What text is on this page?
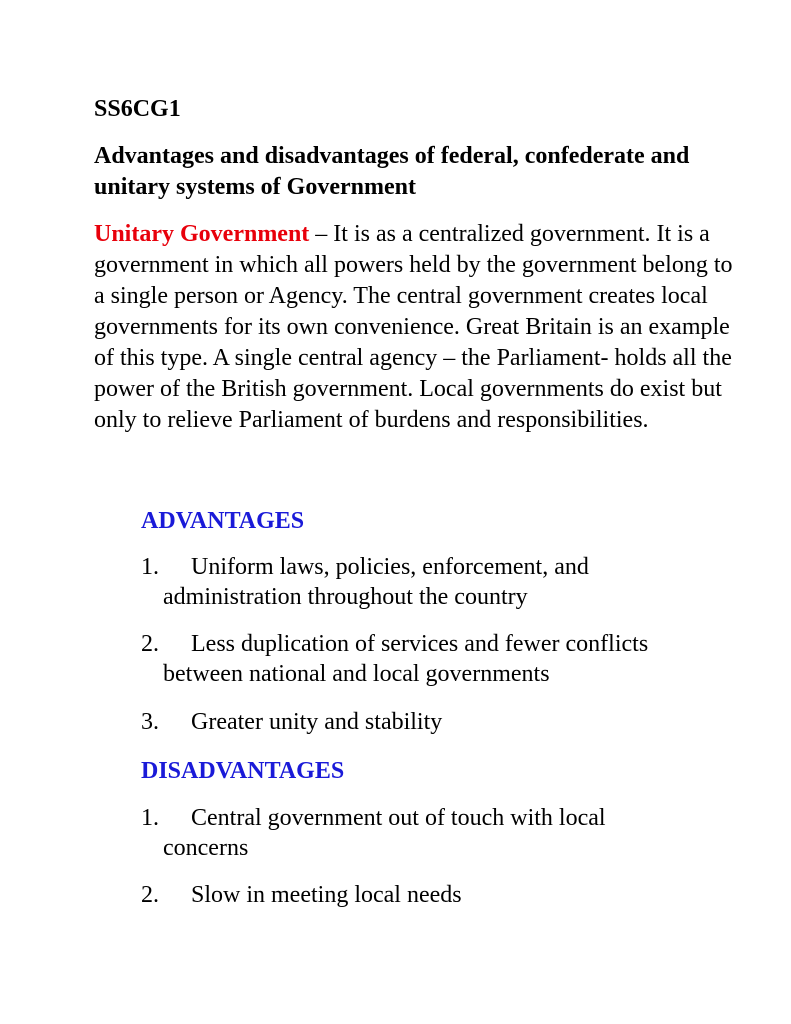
SS6CG1
Advantages and disadvantages of federal, confederate and unitary systems of Government
Unitary Government – It is as a centralized government. It is a government in which all powers held by the government belong to a single person or Agency. The central government creates local governments for its own convenience. Great Britain is an example of this type. A single central agency – the Parliament- holds all the power of the British government. Local governments do exist but only to relieve Parliament of burdens and responsibilities.
ADVANTAGES
1. Uniform laws, policies, enforcement, and
administration throughout the country
2. Less duplication of services and fewer conflicts
between national and local governments
3. Greater unity and stability
DISADVANTAGES
1. Central government out of touch with local
concerns
2. Slow in meeting local needs
